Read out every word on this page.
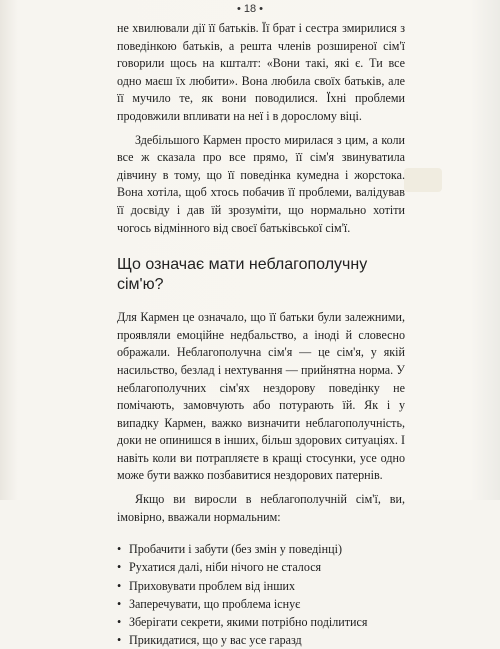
• 18 •

не хвилювали дії її батьків. Її брат і сестра змирилися з поведінкою батьків, а решта членів розширеної сім'ї говорили щось на кшталт: «Вони такі, які є. Ти все одно маєш їх любити». Вона любила своїх батьків, але її мучило те, як вони поводилися. Їхні проблеми продовжили впливати на неї і в дорослому віці.

Здебільшого Кармен просто мирилася з цим, а коли все ж сказала про все прямо, її сім'я звинуватила дівчину в тому, що її поведінка кумедна і жорстока. Вона хотіла, щоб хтось побачив її проблеми, валідував її досвіду і дав їй зрозуміти, що нормально хотіти чогось відмінного від своєї батьківської сім'ї.

Що означає мати неблагополучну сім'ю?

Для Кармен це означало, що її батьки були залежними, проявляли емоційне недбальство, а іноді й словесно ображали. Неблагополучна сім'я — це сім'я, у якій насильство, безлад і нехтування — прийнятна норма. У неблагополучних сім'ях нездорову поведінку не помічають, замовчують або потурають їй. Як і у випадку Кармен, важко визначити неблагополучність, доки не опинишся в інших, більш здорових ситуаціях. І навіть коли ви потрапляєте в кращі стосунки, усе одно може бути важко позбавитися нездорових патернів.

Якщо ви виросли в неблагополучній сім'ї, ви, імовірно, вважали нормальним:

• Пробачити і забути (без змін у поведінці)
• Рухатися далі, ніби нічого не сталося
• Приховувати проблем від інших
• Заперечувати, що проблема існує
• Зберігати секрети, якими потрібно поділитися
• Прикидатися, що у вас усе гаразд
